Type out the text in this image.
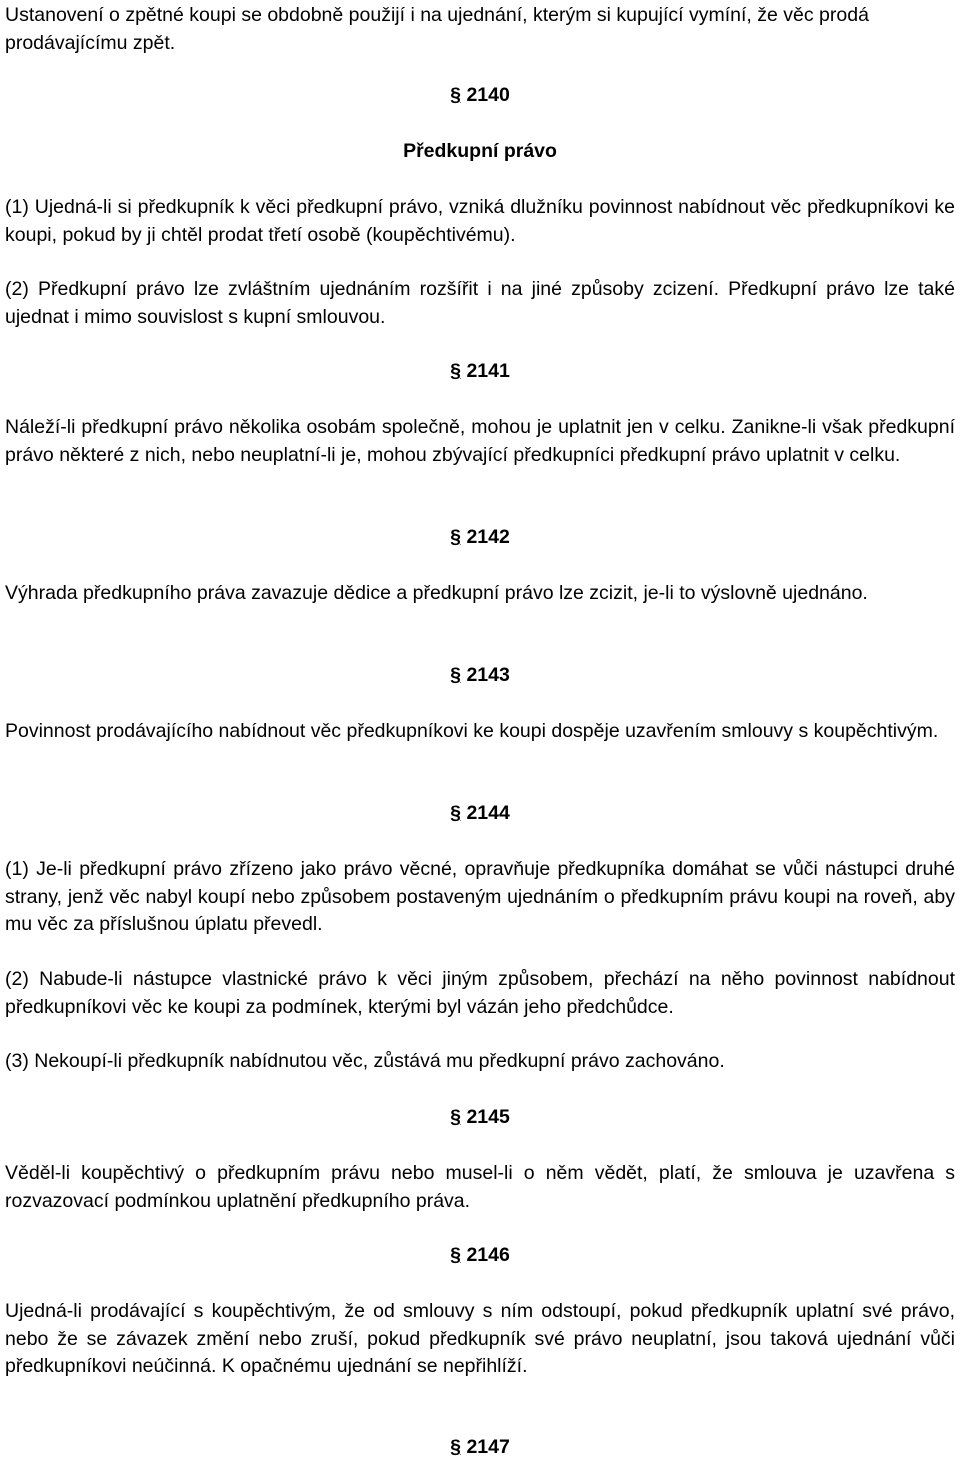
Ustanovení o zpětné koupi se obdobně použijí i na ujednání, kterým si kupující vymíní, že věc prodá prodávajícímu zpět.

§ 2140

Předkupní právo

(1) Ujedná-li si předkupník k věci předkupní právo, vzniká dlužníku povinnost nabídnout věc předkupníkovi ke koupi, pokud by ji chtěl prodat třetí osobě (koupěchtivému).

(2) Předkupní právo lze zvláštním ujednáním rozšířit i na jiné způsoby zcizení. Předkupní právo lze také ujednat i mimo souvislost s kupní smlouvou.

§ 2141

Náleží-li předkupní právo několika osobám společně, mohou je uplatnit jen v celku. Zanikne-li však předkupní právo některé z nich, nebo neuplatní-li je, mohou zbývající předkupníci předkupní právo uplatnit v celku.

§ 2142

Výhrada předkupního práva zavazuje dědice a předkupní právo lze zcizit, je-li to výslovně ujednáno.

§ 2143

Povinnost prodávajícího nabídnout věc předkupníkovi ke koupi dospěje uzavřením smlouvy s koupěchtivým.

§ 2144

(1) Je-li předkupní právo zřízeno jako právo věcné, opravňuje předkupníka domáhat se vůči nástupci druhé strany, jenž věc nabyl koupí nebo způsobem postaveným ujednáním o předkupním právu koupi na roveň, aby mu věc za příslušnou úplatu převedl.

(2) Nabude-li nástupce vlastnické právo k věci jiným způsobem, přechází na něho povinnost nabídnout předkupníkovi věc ke koupi za podmínek, kterými byl vázán jeho předchůdce.

(3) Nekoupí-li předkupník nabídnutou věc, zůstává mu předkupní právo zachováno.

§ 2145

Věděl-li koupěchtivý o předkupním právu nebo musel-li o něm vědět, platí, že smlouva je uzavřena s rozvazovací podmínkou uplatnění předkupního práva.

§ 2146

Ujedná-li prodávající s koupěchtivým, že od smlouvy s ním odstoupí, pokud předkupník uplatní své právo, nebo že se závazek změní nebo zruší, pokud předkupník své právo neuplatní, jsou taková ujednání vůči předkupníkovi neúčinná. K opačnému ujednání se nepřihlíží.

§ 2147
